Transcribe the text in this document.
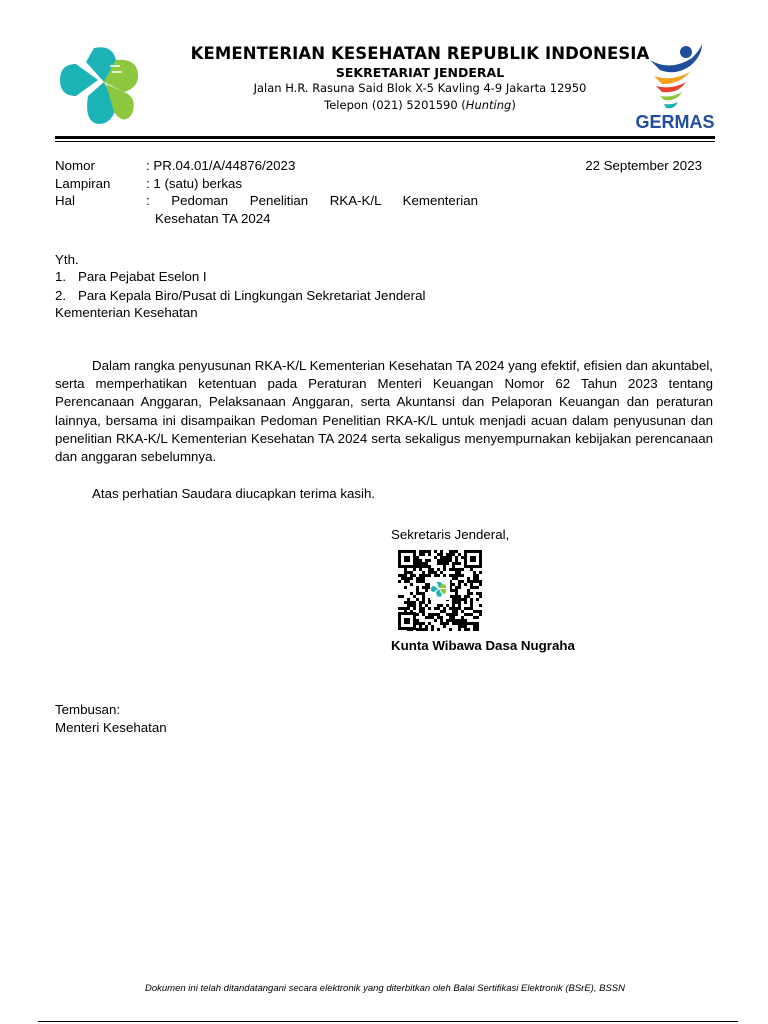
KEMENTERIAN KESEHATAN REPUBLIK INDONESIA
SEKRETARIAT JENDERAL
Jalan H.R. Rasuna Said Blok X-5 Kavling 4-9 Jakarta 12950
Telepon (021) 5201590 (Hunting)
GERMAS
Nomor	: PR.04.01/A/44876/2023	22 September 2023
Lampiran	: 1 (satu) berkas
Hal	: Pedoman Penelitian RKA-K/L Kementerian
Kesehatan TA 2024
Yth.
1. Para Pejabat Eselon I
2. Para Kepala Biro/Pusat di Lingkungan Sekretariat Jenderal
Kementerian Kesehatan
Dalam rangka penyusunan RKA-K/L Kementerian Kesehatan TA 2024 yang efektif, efisien dan akuntabel, serta memperhatikan ketentuan pada Peraturan Menteri Keuangan Nomor 62 Tahun 2023 tentang Perencanaan Anggaran, Pelaksanaan Anggaran, serta Akuntansi dan Pelaporan Keuangan dan peraturan lainnya, bersama ini disampaikan Pedoman Penelitian RKA-K/L untuk menjadi acuan dalam penyusunan dan penelitian RKA-K/L Kementerian Kesehatan TA 2024 serta sekaligus menyempurnakan kebijakan perencanaan dan anggaran sebelumnya.
Atas perhatian Saudara diucapkan terima kasih.
Sekretaris Jenderal,
Kunta Wibawa Dasa Nugraha
Tembusan:
Menteri Kesehatan
Dokumen ini telah ditandatangani secara elektronik yang diterbitkan oleh Balai Sertifikasi Elektronik (BSrE), BSSN
